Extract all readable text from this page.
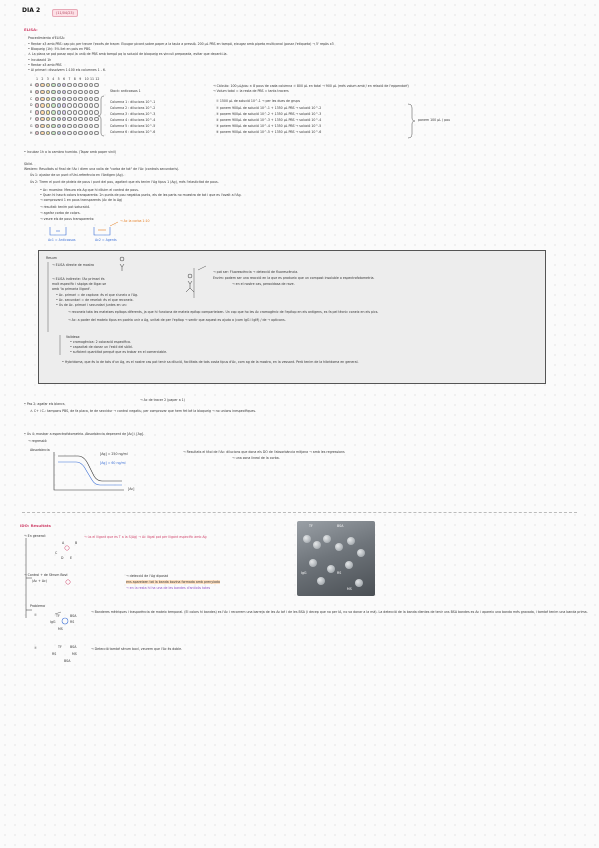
DIA 2	(11/04/23)
ELISA:
Procedimiento d'ELISA:
• Rentar x3 amb PBS: cap pic per treure l'excés de tracer. Eixugar picant sobre paper a la taula a pressió. 200 µL PBS en tampó, eixugar amb pipeta multicanal (posar l'etiqueta) → 5' repòs x3
• Bloqueig (1h): 5% llet en pols en PBS.
⚠ La placa se pot posar aquí la unió de PBS amb tampó pq la solució de bloqueig es vinculi preparada, evitar que decanti-la.
• Incubació 1h
• Rentar x3 amb PBS
• Al primari: dissolvem 1:100 els columnes 1 - 6.
1 2 3 4 5 6 7 8 9 10 11 12
A
B
C
D
E
F
G
H
Stock: anticossos 1
Columna 1 : dilucions 10^-1
Columna 2 : dilucions 10^-2
Columna 3 : dilucions 10^-3
Columna 4 : dilucions 10^-4
Columna 5 : dilucions 10^-5
Columna 6 : dilucions 10^-6
→ Cálculo: 100 µL/pou × 8 pous de cada columna = 800 µL en total → 900 µL (més volum amb / en relació de l'eppendorf)
→ Volum total = la resta de PBS = tants tracers
① 1500 µL de solució 10^-1 → per les dues de grups
② ponem 900µL de solució 10^-1 + 1350 µL PBS → solució 10^-2
③ ponem 900µL de solució 10^-2 + 1350 µL PBS → solució 10^-3
④ ponem 900µL de solució 10^-3 + 1350 µL PBS → solució 10^-4
⑤ ponem 900µL de solució 10^-4 + 1350 µL PBS → solució 10^-5
⑥ ponem 900µL de solució 10^-5 + 1350 µL PBS → solució 10^-6
ponem 100 µL / pou
• Incubar 1h a la cambra humida. (Tapar amb paper vinil)
Sòlid.
Western: Resultats al final de l'Ac i diem una valia de "corba de tot" de l'Ac (controls secundaris).
Ús 1: ajustar de un punt d'Uni-referència en l'Antigen (Ag).
Ús 2: Tirem el punt de ptdeix de pous i punt del pou, agafant que els tenim l'Ag tipus 1 (Ag), més l'elasticitat de pous.
• Ac: muestra: Mesura els Ag que hi diluim el control de pous.
• Quan hi haurà colors transparents: 2n punts de pou negatius punts, els de les parts no muestra de tot i que es l'ovalt a l'Ag.
→ comprovant 1 en pous transparents (Ac de la Ag)
→ resultat: tenim pot saturació.
→ agafar corba de colors.
→ veure els de pous transparents:
Ac1 = Anticossos	Ac2 = Agents
→ Ac la corba 1:10
Resum
→ ELISA directe de mostra
→ ELISA indirecte: l'Ac primari és
molt específic i sàpiga de lligar-se
amb 'la primaria lligant'.
• Ac. primari = de captura: és el que s'uneix a l'Ag.
• Ac. secundari = de revelat: és el que reconeix.
• Ús de Ac. primari i secundari juntes en un:
→ pot ser: Fluorescència → detecció de fluorescència.
Enzim: podem ser una reacció en la que es produeix que un compost insoluble o espectrofotometria.
→ en el nostre cas, peroxidasa de rave.
→ reconeix tota les mateixes epítops diferents, ja que hi funciona de mateix epítop comparteixen. Un cop que ho les Ac cromogènic de l'epítop en els antígens, es fa pel tècnic coneix en els pics.
→ Ac: a poder del mateix tipus en podria unir a Ag, unitat de per l'epítop → sentir que aquest es ajuda a (com IgG i IgM) / de → opticons.
Validesa:
• cromogènica: 2 coloració específica.
• capacitat de donar un l'estil del sòlid.
• suficient quantitat perquè que es trobar en el comerciable.
• Hybridoma, que és la de tots d'un Ag, es el nostre cas pot tenir sa dilució, facilitats de tots costa tipus d'Ac, com ag de la mostra, en la vessant. Però tenim de la hibridoma en general.
→ Ac de tracer 2 (paper a 1)
• Pas 2: agafar els blancs
⚠ C+ i C-: tampons PBS, de fa placa, te de seccidur → control negatiu, per comprovar que hem fet bé la bloqueig → no unions inespecífiques.
• Ús 4: mostrar a espectrofotometria. Absorbància depenent de [Ac] i [Ag].
→ regressió:
Absorbància
[Ac]
[Ag] = 250 ng/ml
[Ag] = 60 ng/ml
→ Resultats el títol de l'Ac: dilucions que dona els DO de l'absorbància mitjana → amb les regressions
→ una zona lineal de la corba.
IDO: Resultats
→ En general:	→ ús el lligant que es T a la S(Ag) → Ac lligat pot per lligant específic amb Ag
A	B
C
E
D
→ Control + de Sèrum Boví:
(Ac + Ac)
→ detecció de l'Ag diposat
ens apareixen tot la banda bovina formada amb prenylada
→ en la resta hi ha una de les bandes d'anticòs totes
Problema
①	TF	BSA
IgG	RS
MS
→ Banderes mètriques i trasparència de mateix temporal. (El colors hi bandes) es l'Ac i recorrem una barreja de les Ac bé i de les BSA (i decep que no per IA, no va donar a la mà). La detecció de la banda dientes de tenir uns BSA bandes es Ac i apareix una banda més gravada, i també tenim una banda prima.
②	TF	BSA
RS	MS
BSA
→ Detecció també sèrum boví, veurem que l'Ac és doble.
TF	BSA
IgG	RS
MS
